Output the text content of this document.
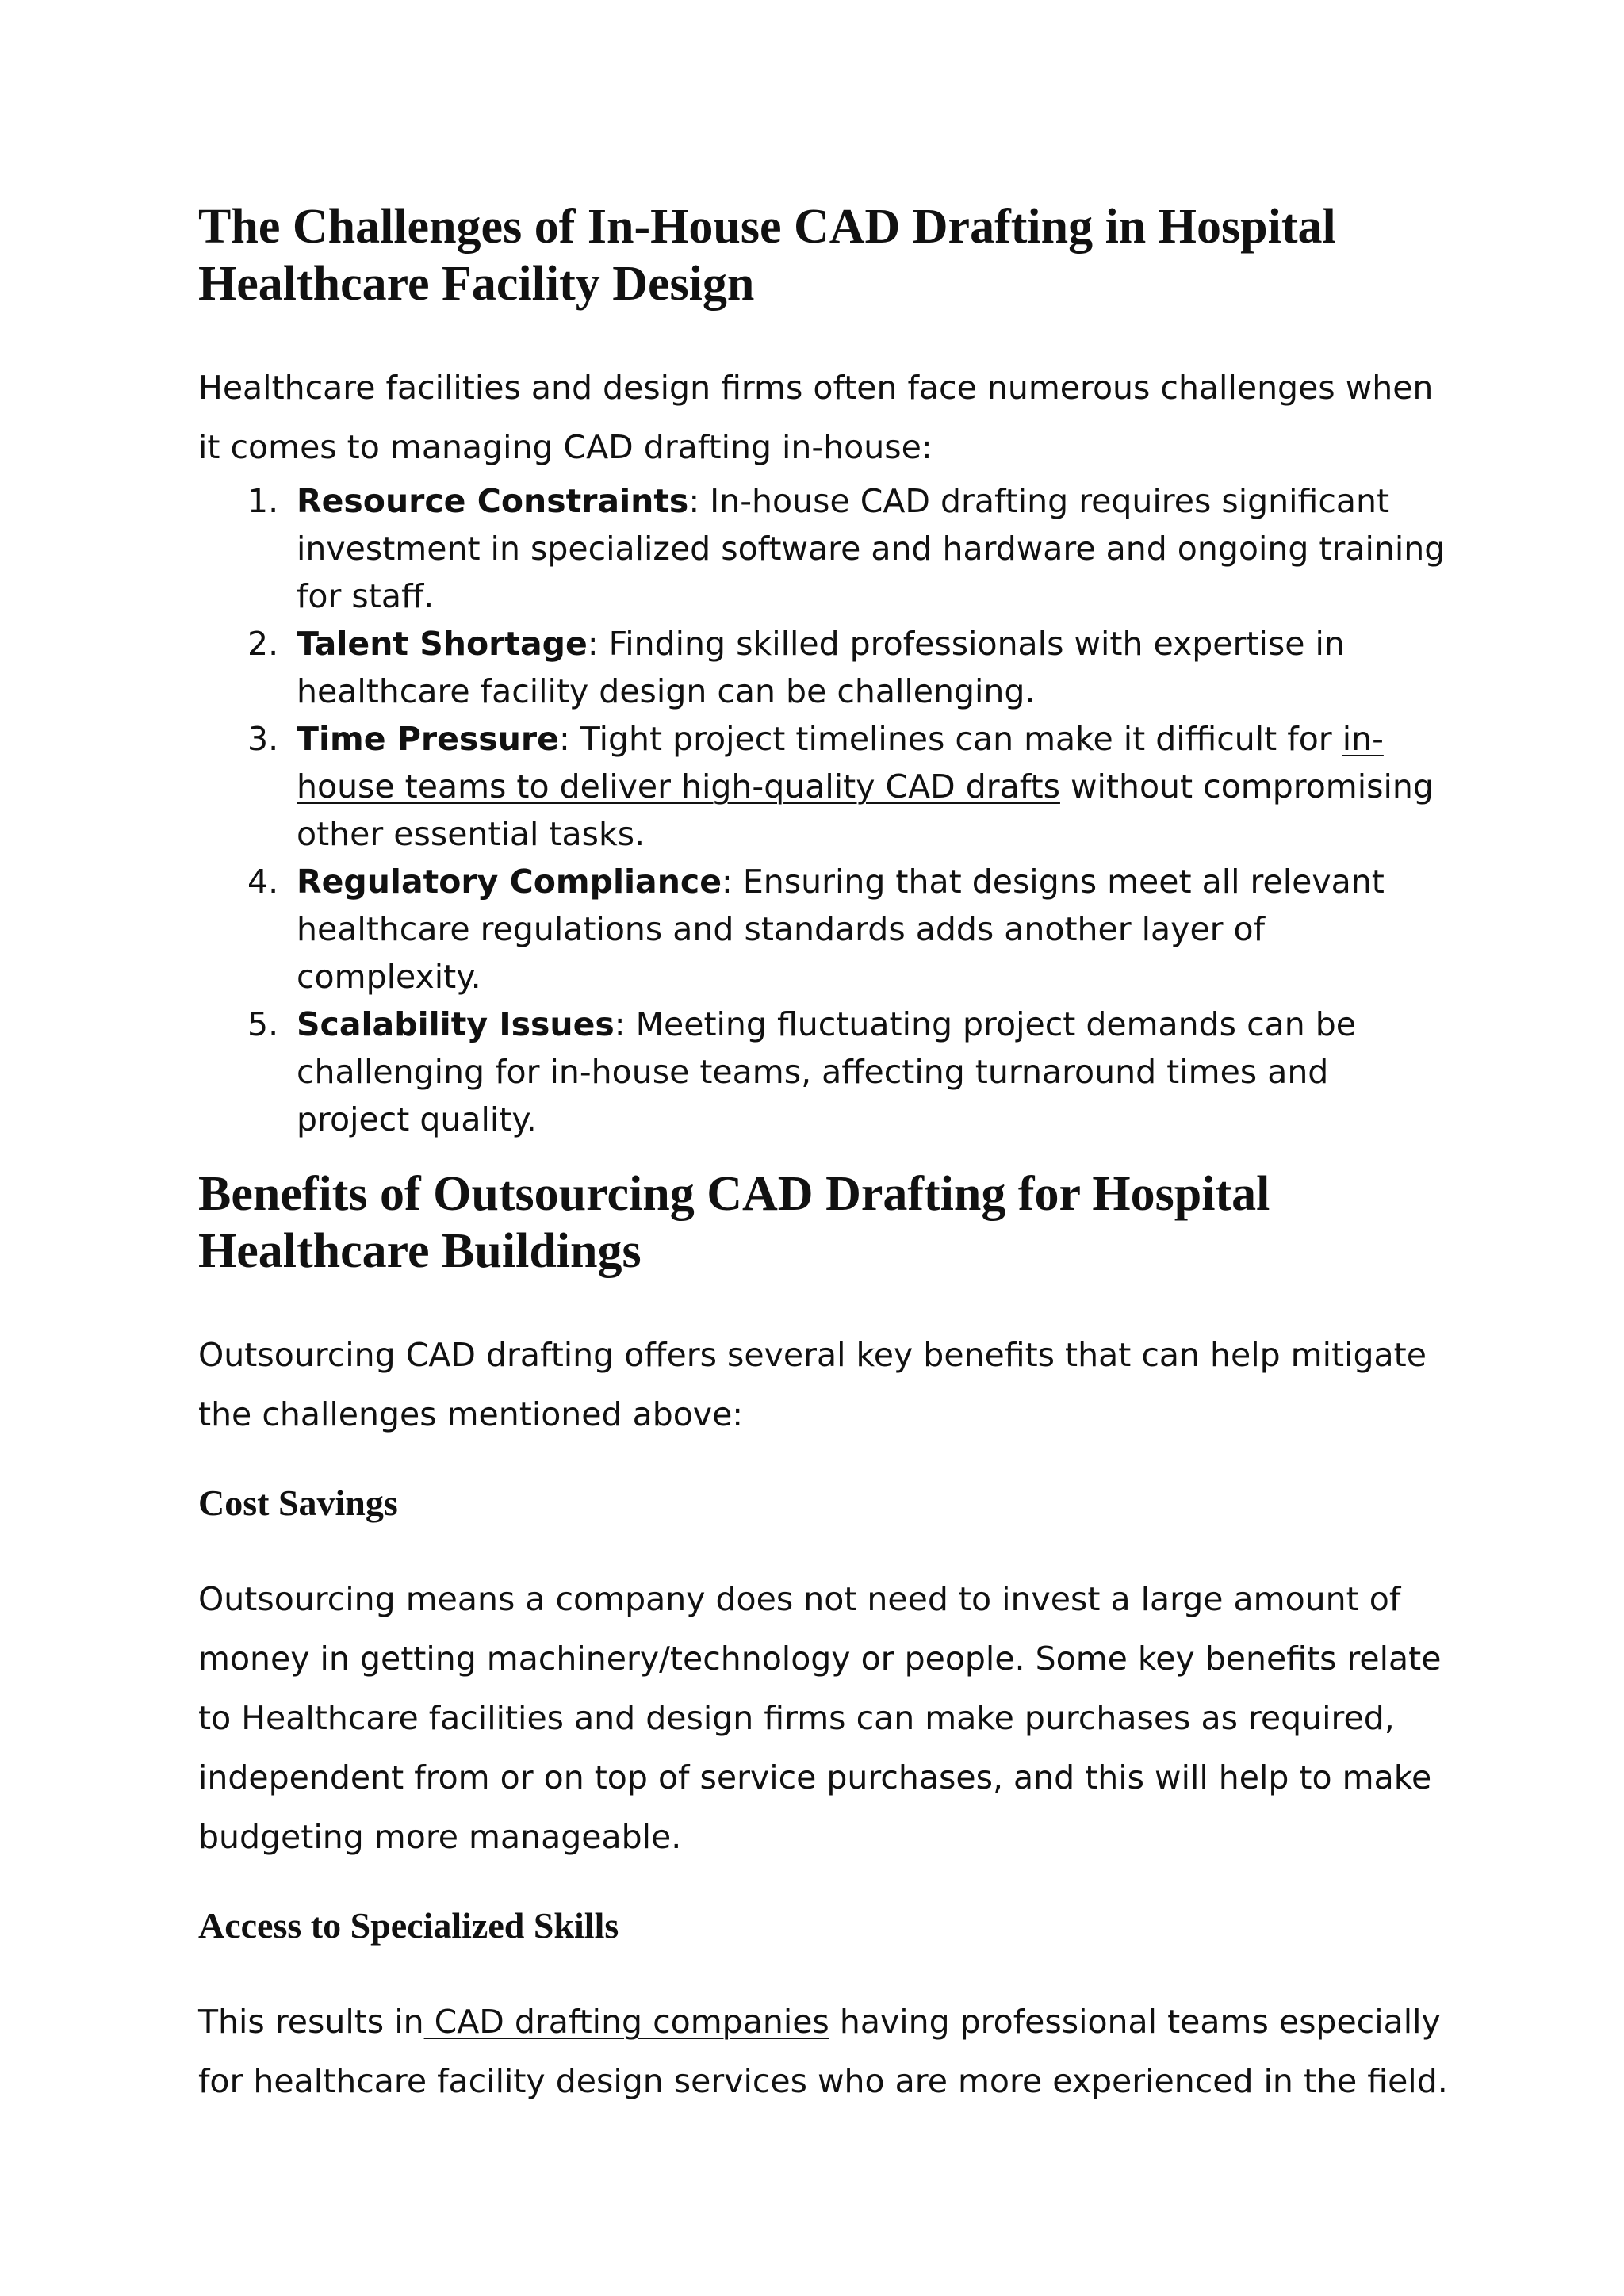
The Challenges of In-House CAD Drafting in Hospital Healthcare Facility Design

Healthcare facilities and design firms often face numerous challenges when it comes to managing CAD drafting in-house:

1. Resource Constraints: In-house CAD drafting requires significant investment in specialized software and hardware and ongoing training for staff.
2. Talent Shortage: Finding skilled professionals with expertise in healthcare facility design can be challenging.
3. Time Pressure: Tight project timelines can make it difficult for in-house teams to deliver high-quality CAD drafts without compromising other essential tasks.
4. Regulatory Compliance: Ensuring that designs meet all relevant healthcare regulations and standards adds another layer of complexity.
5. Scalability Issues: Meeting fluctuating project demands can be challenging for in-house teams, affecting turnaround times and project quality.
Benefits of Outsourcing CAD Drafting for Hospital Healthcare Buildings

Outsourcing CAD drafting offers several key benefits that can help mitigate the challenges mentioned above:

Cost Savings

Outsourcing means a company does not need to invest a large amount of money in getting machinery/technology or people. Some key benefits relate to Healthcare facilities and design firms can make purchases as required, independent from or on top of service purchases, and this will help to make budgeting more manageable.

Access to Specialized Skills

This results in CAD drafting companies having professional teams especially for healthcare facility design services who are more experienced in the field.
